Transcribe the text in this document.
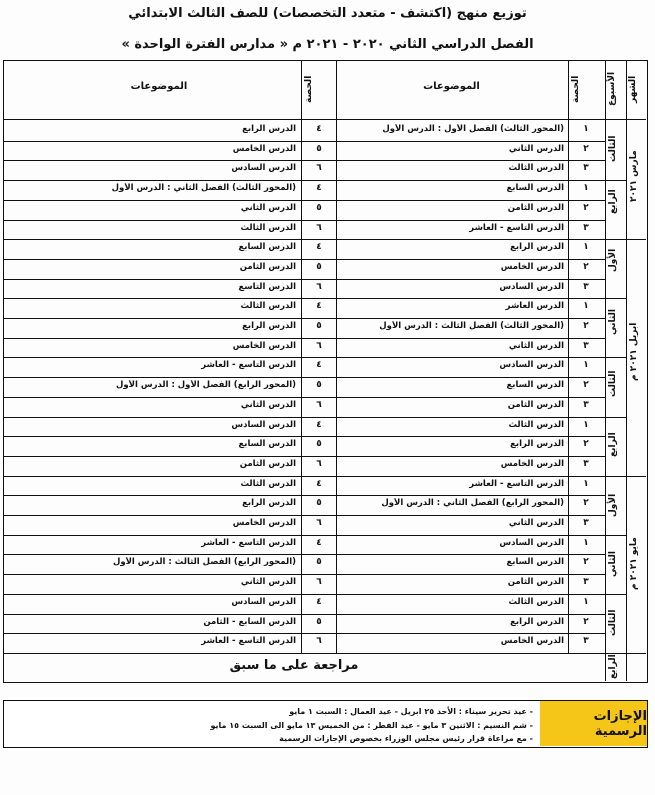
توزيع منهج (اكتشف - متعدد التخصصات) للصف الثالث الابتدائي
الفصل الدراسي الثاني ٢٠٢٠ - ٢٠٢١ م « مدارس الفترة الواحدة »
الشهر
الأسبوع
الحصة
الموضوعات
الحصة
الموضوعات
مارس ٢٠٢١
ابريل ٢٠٢١ م
مايو ٢٠٢١ م
الثالث
الرابع
الأول
الثاني
الثالث
الرابع
الأول
الثاني
الثالث
الرابع
مراجعة على ما سبق
١
(المحور الثالث) الفصل الأول : الدرس الأول
٤
الدرس الرابع
٢
الدرس الثاني
٥
الدرس الخامس
٣
الدرس الثالث
٦
الدرس السادس
١
الدرس السابع
٤
(المحور الثالث) الفصل الثاني : الدرس الأول
٢
الدرس الثامن
٥
الدرس الثاني
٣
الدرس التاسع - العاشر
٦
الدرس الثالث
١
الدرس الرابع
٤
الدرس السابع
٢
الدرس الخامس
٥
الدرس الثامن
٣
الدرس السادس
٦
الدرس التاسع
١
الدرس العاشر
٤
الدرس الثالث
٢
(المحور الثالث) الفصل الثالث : الدرس الأول
٥
الدرس الرابع
٣
الدرس الثاني
٦
الدرس الخامس
١
الدرس السادس
٤
الدرس التاسع - العاشر
٢
الدرس السابع
٥
(المحور الرابع) الفصل الأول : الدرس الأول
٣
الدرس الثامن
٦
الدرس الثاني
١
الدرس الثالث
٤
الدرس السادس
٢
الدرس الرابع
٥
الدرس السابع
٣
الدرس الخامس
٦
الدرس الثامن
١
الدرس التاسع - العاشر
٤
الدرس الثالث
٢
(المحور الرابع) الفصل الثاني : الدرس الأول
٥
الدرس الرابع
٣
الدرس الثاني
٦
الدرس الخامس
١
الدرس السادس
٤
الدرس التاسع - العاشر
٢
الدرس السابع
٥
(المحور الرابع) الفصل الثالث : الدرس الأول
٣
الدرس الثامن
٦
الدرس الثاني
١
الدرس الثالث
٤
الدرس السادس
٢
الدرس الرابع
٥
الدرس السابع - الثامن
٣
الدرس الخامس
٦
الدرس التاسع - العاشر
الإجازات الرسمية
- عيد تحرير سيناء : الأحد ٢٥ ابريل - عيد العمال : السبت ١ مايو
- شم النسيم : الاثنين ٣ مايو - عيد الفطر : من الخميس ١٣ مايو الى السبت ١٥ مايو
- مع مراعاة قرار رئيس مجلس الوزراء بخصوص الإجازات الرسمية
